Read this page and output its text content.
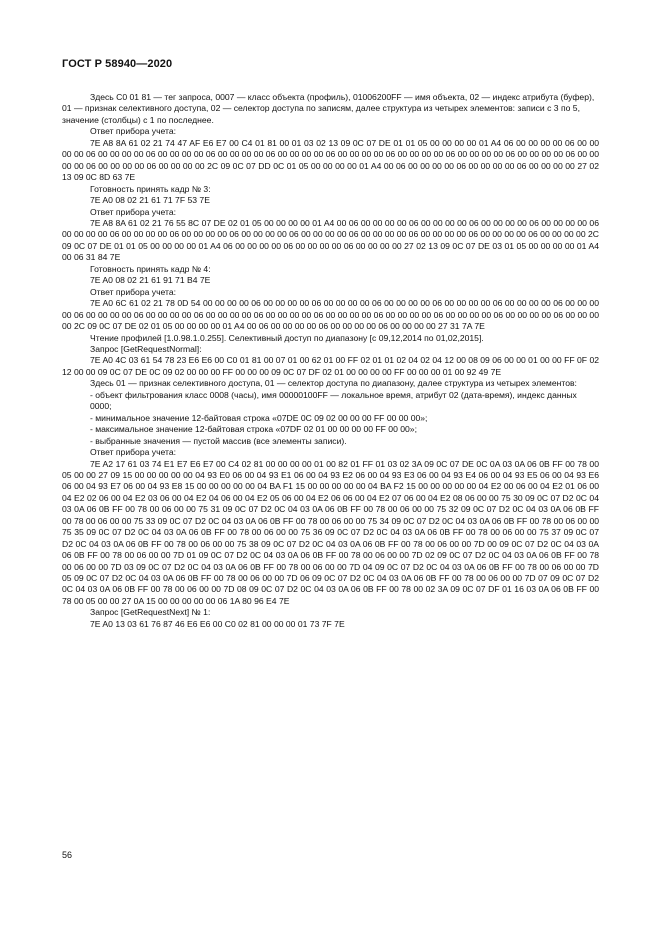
ГОСТ Р 58940—2020

Здесь C0 01 81 — тег запроса, 0007 — класс объекта (профиль), 01006200FF — имя объекта, 02 — индекс атрибута (буфер), 01 — признак селективного доступа, 02 — селектор доступа по записям, далее структура из четырех элементов: записи с 3 по 5, значение (столбцы) с 1 по последнее.

Ответ прибора учета:

7E A8 8A 61 02 21 74 47 AF E6 E7 00 C4 01 81 00 01 03 02 13 09 0C 07 DE 01 01 05 00 00 00 00 01 A4 06 00 00 00 00 06 00 00 00 00 06 00 00 00 00 06 00 00 00 00 06 00 00 00 00 06 00 00 00 00 06 00 00 00 00 06 00 00 00 00 06 00 00 00 00 06 00 00 00 00 06 00 00 00 00 06 00 00 00 00 06 00 00 00 00 2C 09 0C 07 DD 0C 01 05 00 00 00 00 01 A4 00 06 00 00 00 00 06 00 00 00 00 06 00 00 00 00 27 02 13 09 0C 8D 63 7E

Готовность принять кадр № 3:

7E A0 08 02 21 61 71 7F 53 7E

Ответ прибора учета:

7E A8 8A 61 02 21 76 55 8C 07 DE 02 01 05 00 00 00 00 01 A4 00 06 00 00 00 00 06 00 00 00 00 06 00 00 00 00 06 00 00 00 00 06 00 00 00 00 06 00 00 00 00 06 00 00 00 00 06 00 00 00 00 06 00 00 00 00 06 00 00 00 00 06 00 00 00 00 06 00 00 00 00 06 00 00 00 00 2C 09 0C 07 DE 01 01 05 00 00 00 00 01 A4 06 00 00 00 00 06 00 00 00 00 06 00 00 00 00 27 02 13 09 0C 07 DE 03 01 05 00 00 00 00 01 A4 00 06 31 84 7E

Готовность принять кадр № 4:

7E A0 08 02 21 61 91 71 B4 7E

Ответ прибора учета:

7E A0 6C 61 02 21 78 0D 54 00 00 00 00 06 00 00 00 00 06 00 00 00 00 06 00 00 00 00 06 00 00 00 00 06 00 00 00 00 06 00 00 00 00 06 00 00 00 00 06 00 00 00 00 06 00 00 00 00 06 00 00 00 00 06 00 00 00 00 06 00 00 00 00 06 00 00 00 00 06 00 00 00 00 06 00 00 00 00 2C 09 0C 07 DE 02 01 05 00 00 00 00 01 A4 00 06 00 00 00 00 06 00 00 00 00 06 00 00 00 00 27 31 7A 7E

Чтение профилей [1.0.98.1.0.255]. Селективный доступ по диапазону [с 09,12,2014 по 01,02,2015].

Запрос [GetRequestNormal]:

7E A0 4C 03 61 54 78 23 E6 E6 00 C0 01 81 00 07 01 00 62 01 00 FF 02 01 01 02 04 02 04 12 00 08 09 06 00 00 01 00 00 FF 0F 02 12 00 00 09 0C 07 DE 0C 09 02 00 00 00 FF 00 00 00 09 0C 07 DF 02 01 00 00 00 00 FF 00 00 00 01 00 92 49 7E

Здесь 01 — признак селективного доступа, 01 — селектор доступа по диапазону, далее структура из четырех элементов:

- объект фильтрования класс 0008 (часы), имя 00000100FF — локальное время, атрибут 02 (дата-время), индекс данных 0000;

- минимальное значение 12-байтовая строка «07DE 0C 09 02 00 00 00 FF 00 00 00»;

- максимальное значение 12-байтовая строка «07DF 02 01 00 00 00 00 FF 00 00»;

- выбранные значения — пустой массив (все элементы записи).

Ответ прибора учета:

7E A2 17 61 03 74 E1 E7 E6 E7 00 C4 02 81 00 00 00 00 01 00 82 01 FF 01 03 02 3A 09 0C 07 DE 0C 0A 03 0A 06 0B FF 00 78 00 05 00 00 27 09 15 00 00 00 00 00 04 93 E0 06 00 04 93 E1 06 00 04 93 E2 06 00 04 93 E3 06 00 04 93 E4 06 00 04 93 E5 06 00 04 93 E6 06 00 04 93 E7 06 00 04 93 E8 15 00 00 00 00 00 04 BA F1 15 00 00 00 00 00 04 BA F2 15 00 00 00 00 00 04 E2 00 06 00 04 E2 01 06 00 04 E2 02 06 00 04 E2 03 06 00 04 E2 04 06 00 04 E2 05 06 00 04 E2 06 06 00 04 E2 07 06 00 04 E2 08 06 00 00 75 30 09 0C 07 D2 0C 04 03 0A 06 0B FF 00 78 00 06 00 00 75 31 09 0C 07 D2 0C 04 03 0A 06 0B FF 00 78 00 06 00 00 75 32 09 0C 07 D2 0C 04 03 0A 06 0B FF 00 78 00 06 00 00 75 33 09 0C 07 D2 0C 04 03 0A 06 0B FF 00 78 00 06 00 00 75 34 09 0C 07 D2 0C 04 03 0A 06 0B FF 00 78 00 06 00 00 75 35 09 0C 07 D2 0C 04 03 0A 06 0B FF 00 78 00 06 00 00 75 36 09 0C 07 D2 0C 04 03 0A 06 0B FF 00 78 00 06 00 00 75 37 09 0C 07 D2 0C 04 03 0A 06 0B FF 00 78 00 06 00 00 75 38 09 0C 07 D2 0C 04 03 0A 06 0B FF 00 78 00 06 00 00 7D 00 09 0C 07 D2 0C 04 03 0A 06 0B FF 00 78 00 06 00 00 7D 01 09 0C 07 D2 0C 04 03 0A 06 0B FF 00 78 00 06 00 00 7D 02 09 0C 07 D2 0C 04 03 0A 06 0B FF 00 78 00 06 00 00 7D 03 09 0C 07 D2 0C 04 03 0A 06 0B FF 00 78 00 06 00 00 7D 04 09 0C 07 D2 0C 04 03 0A 06 0B FF 00 78 00 06 00 00 7D 05 09 0C 07 D2 0C 04 03 0A 06 0B FF 00 78 00 06 00 00 7D 06 09 0C 07 D2 0C 04 03 0A 06 0B FF 00 78 00 06 00 00 7D 07 09 0C 07 D2 0C 04 03 0A 06 0B FF 00 78 00 06 00 00 7D 08 09 0C 07 D2 0C 04 03 0A 06 0B FF 00 78 00 02 3A 09 0C 07 DF 01 16 03 0A 06 0B FF 00 78 00 05 00 00 27 0A 15 00 00 00 00 00 06 1A 80 96 E4 7E

Запрос [GetRequestNext] № 1:

7E A0 13 03 61 76 87 46 E6 E6 00 C0 02 81 00 00 00 01 73 7F 7E

56
